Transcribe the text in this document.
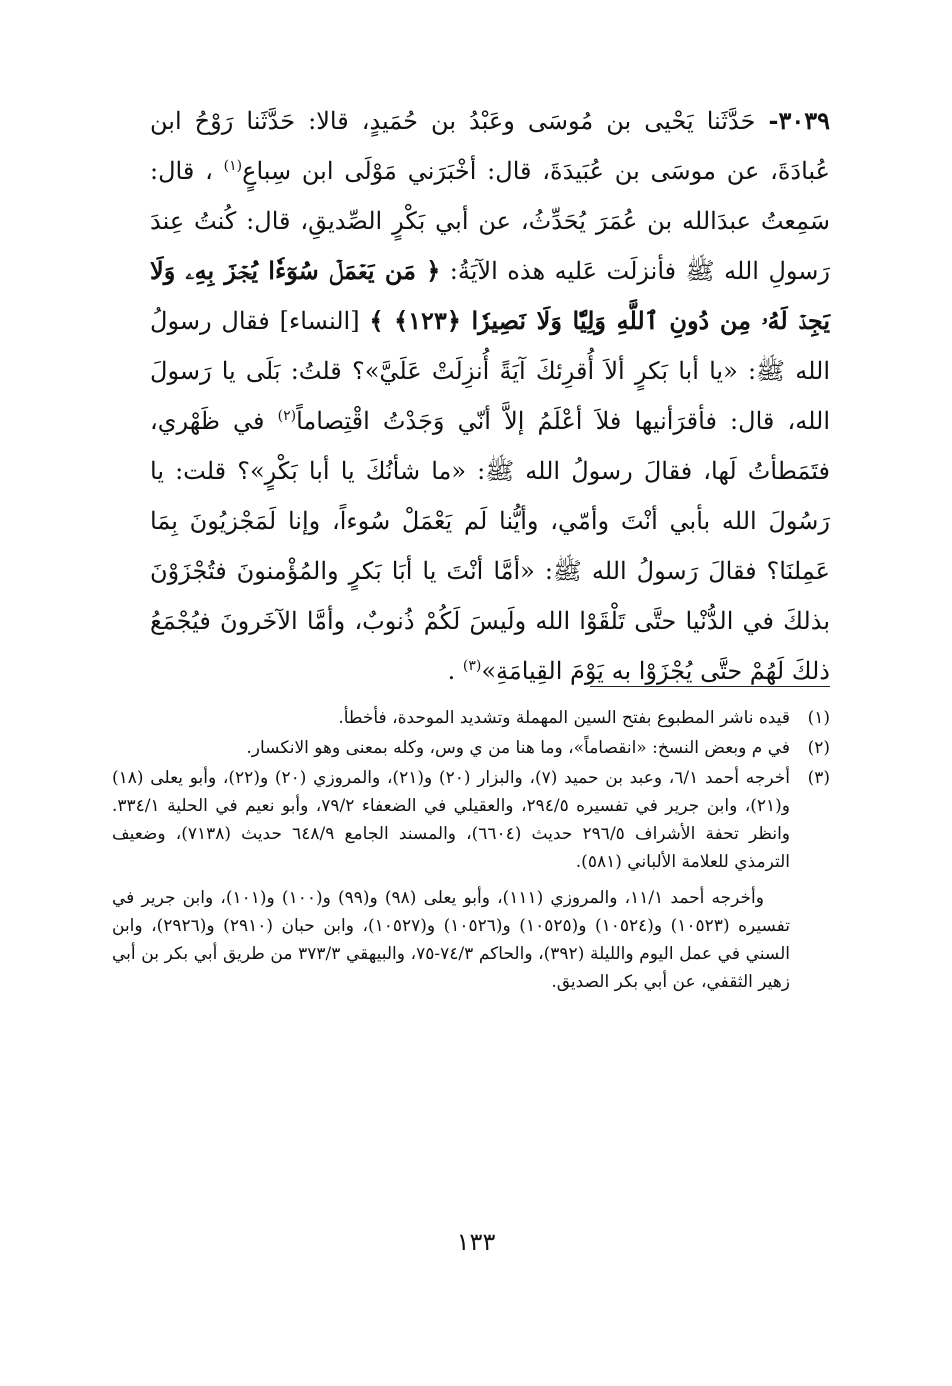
٣٠٣٩- حَدَّثَنا يَحْيى بن مُوسَى وعَبْدُ بن حُمَيدٍ، قالا: حَدَّثَنا رَوْحُ ابن عُبادَةَ، عن موسَى بن عُبَيدَةَ، قال: أخْبَرَني مَوْلَى ابن سِباعٍ$^{(١)}$ ، قال: سَمِعتُ عبدَالله بن عُمَرَ يُحَدِّثُ، عن أبي بَكْرٍ الصِّديقِ، قال: كُنتُ عِندَ رَسولِ الله ﷺ فأنزلَت عَليه هذه الآيَةُ: ﴿ مَن يَعۡمَلۡ سُوٓءٗا يُجۡزَ بِهِۦ وَلَا يَجِدۡ لَهُۥ مِن دُونِ ٱللَّهِ وَلِيّٗا وَلَا نَصِيرٗا ﴿١٢٣﴾ ﴾ [النساء] فقال رسولُ الله ﷺ: «يا أبا بَكرٍ ألاَ أُقرِئكَ آيَةً أُنزِلَتْ عَلَيَّ»؟ قلتُ: بَلَى يا رَسولَ الله، قال: فأقرَأنيها فلاَ أعْلَمُ إلاَّ أنّي وَجَدْتُ اقْتِصاماً$^{(٢)}$ في ظَهْري، فتَمَطأتُ لَها، فقالَ رسولُ الله ﷺ: «ما شأنُكَ يا أبا بَكْرٍ»؟ قلت: يا رَسُولَ الله بأبي أنْتَ وأمّي، وأيُّنا لَم يَعْمَلْ سُوءاً، وإنا لَمَجْزيُونَ بِمَا عَمِلنَا؟ فقالَ رَسولُ الله ﷺ: «أمَّا أنْتَ يا أبَا بَكرٍ والمُؤْمنونَ فتُجْزَوْنَ بذلكَ في الدُّنْيا حتَّى تَلْقَوْا الله ولَيسَ لَكُمْ ذُنوبٌ، وأمَّا الآخَرونَ فيُجْمَعُ ذلكَ لَهُمْ حتَّى يُجْزَوْا به يَوْمَ القِيامَةِ»$^{(٣)}$ .

(١)

قيده ناشر المطبوع بفتح السين المهملة وتشديد الموحدة، فأخطأ.

(٢)

في م وبعض النسخ: «انقصاماً»، وما هنا من ي وس، وكله بمعنى وهو الانكسار.

(٣)

أخرجه أحمد ٦/١، وعبد بن حميد (٧)، والبزار (٢٠) و(٢١)، والمروزي (٢٠) و(٢٢)، وأبو يعلى (١٨) و(٢١)، وابن جرير في تفسيره ٢٩٤/٥، والعقيلي في الضعفاء ٧٩/٢، وأبو نعيم في الحلية ٣٣٤/١. وانظر تحفة الأشراف ٢٩٦/٥ حديث (٦٦٠٤)، والمسند الجامع ٦٤٨/٩ حديث (٧١٣٨)، وضعيف الترمذي للعلامة الألباني (٥٨١).

وأخرجه أحمد ١١/١، والمروزي (١١١)، وأبو يعلى (٩٨) و(٩٩) و(١٠٠) و(١٠١)، وابن جرير في تفسيره (١٠٥٢٣) و(١٠٥٢٤) و(١٠٥٢٥) و(١٠٥٢٦) و(١٠٥٢٧)، وابن حبان (٢٩١٠) و(٢٩٢٦)، وابن السني في عمل اليوم والليلة (٣٩٢)، والحاكم ٧٤/٣-٧٥، والبيهقي ٣٧٣/٣ من طريق أبي بكر بن أبي زهير الثقفي، عن أبي بكر الصديق.

١٣٣
